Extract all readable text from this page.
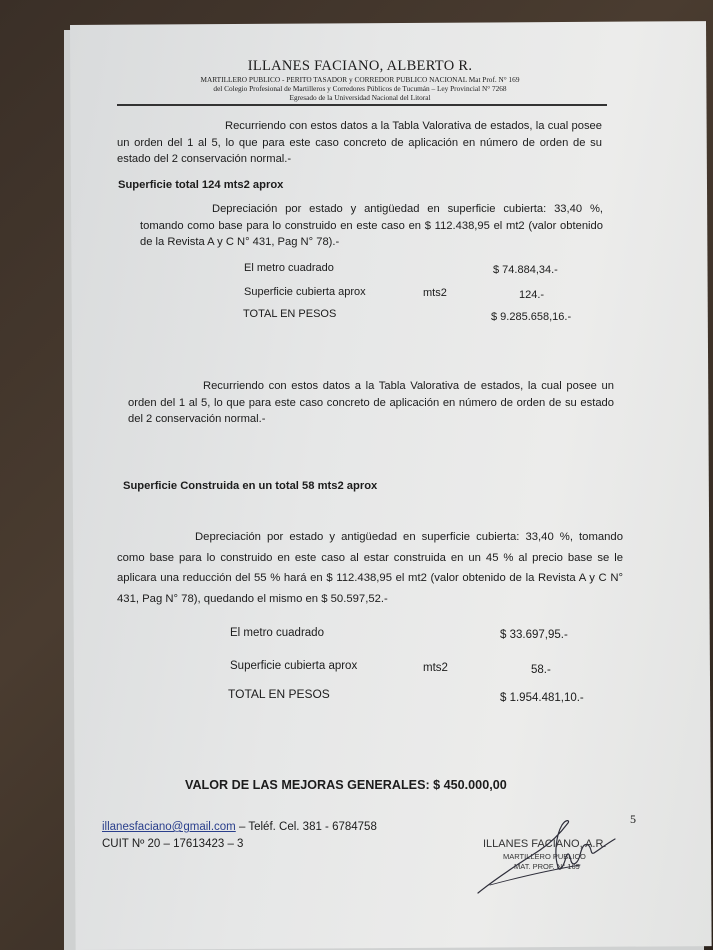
ILLANES FACIANO, ALBERTO R.
MARTILLERO PUBLICO - PERITO TASADOR y CORREDOR PUBLICO NACIONAL Mat Prof. N° 169
del Colegio Profesional de Martilleros y Corredores Públicos de Tucumán – Ley Provincial N° 7268
Egresado de la Universidad Nacional del Litoral
Recurriendo con estos datos a la Tabla Valorativa de estados, la cual posee un orden del 1 al 5, lo que para este caso concreto de aplicación en número de orden de su estado del 2 conservación normal.-
Superficie total 124 mts2 aprox
Depreciación por estado y antigüedad en superficie cubierta: 33,40 %, tomando como base para lo construido en este caso en $ 112.438,95 el mt2 (valor obtenido de la Revista A y C N° 431, Pag N° 78).-
El metro cuadrado	$ 74.884,34.-
Superficie cubierta aprox	mts2	124.-
TOTAL EN PESOS	$ 9.285.658,16.-
Recurriendo con estos datos a la Tabla Valorativa de estados, la cual posee un orden del 1 al 5, lo que para este caso concreto de aplicación en número de orden de su estado del 2 conservación normal.-
Superficie Construida en un total 58 mts2 aprox
Depreciación por estado y antigüedad en superficie cubierta: 33,40 %, tomando como base para lo construido en este caso al estar construida en un 45 % al precio base se le aplicara una reducción del 55 % hará en $ 112.438,95 el mt2 (valor obtenido de la Revista A y C N° 431, Pag N° 78), quedando el mismo en $ 50.597,52.-
El metro cuadrado	$ 33.697,95.-
Superficie cubierta aprox	mts2	58.-
TOTAL EN PESOS	$ 1.954.481,10.-
VALOR DE LAS MEJORAS GENERALES: $ 450.000,00
illanesfaciano@gmail.com – Teléf. Cel. 381 - 6784758
CUIT Nº 20 – 17613423 – 3
5
ILLANES FACIANO, A.R.
MARTILLERO PUBLICO
MAT. PROF. N° 169
